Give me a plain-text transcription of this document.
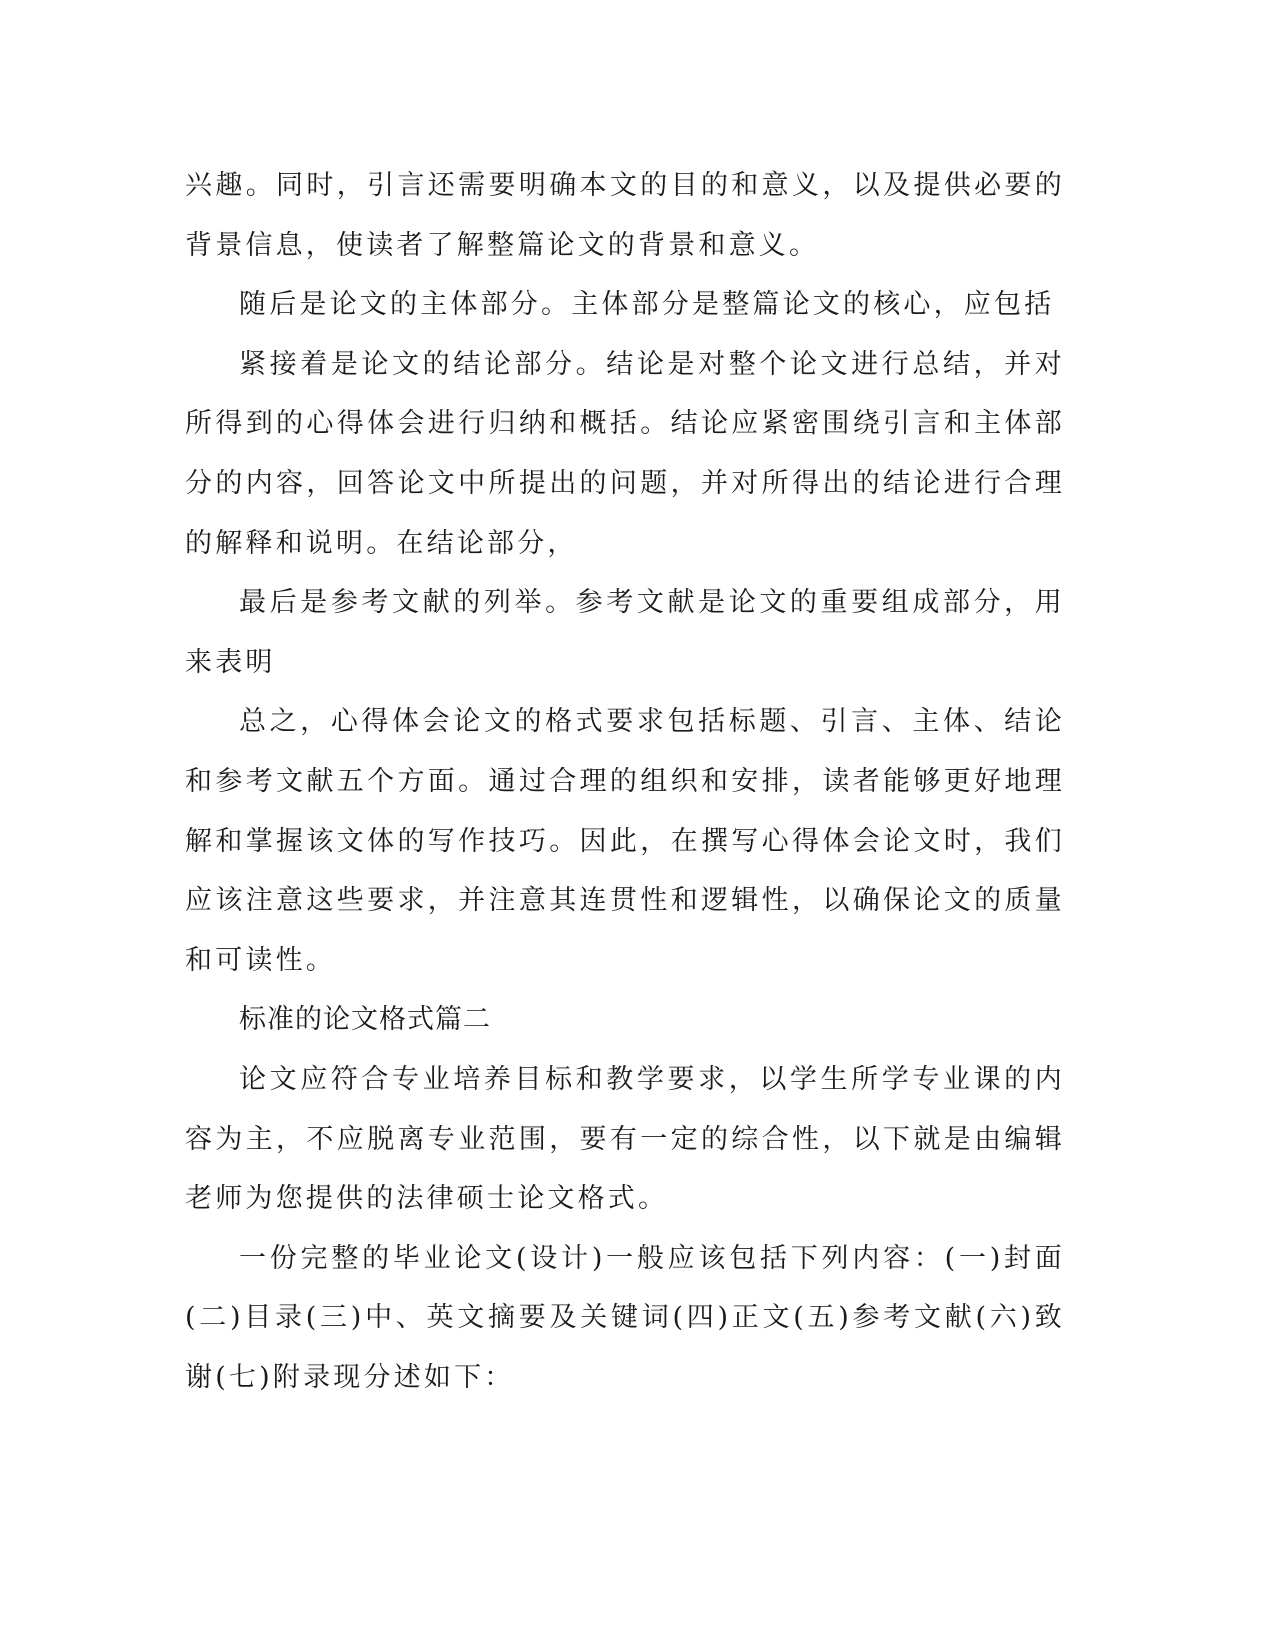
兴趣。同时，引言还需要明确本文的目的和意义，以及提供必要的背景信息，使读者了解整篇论文的背景和意义。

随后是论文的主体部分。主体部分是整篇论文的核心，应包括

紧接着是论文的结论部分。结论是对整个论文进行总结，并对所得到的心得体会进行归纳和概括。结论应紧密围绕引言和主体部分的内容，回答论文中所提出的问题，并对所得出的结论进行合理的解释和说明。在结论部分，

最后是参考文献的列举。参考文献是论文的重要组成部分，用来表明

总之，心得体会论文的格式要求包括标题、引言、主体、结论和参考文献五个方面。通过合理的组织和安排，读者能够更好地理解和掌握该文体的写作技巧。因此，在撰写心得体会论文时，我们应该注意这些要求，并注意其连贯性和逻辑性，以确保论文的质量和可读性。

标准的论文格式篇二

论文应符合专业培养目标和教学要求，以学生所学专业课的内容为主，不应脱离专业范围，要有一定的综合性，以下就是由编辑老师为您提供的法律硕士论文格式。

一份完整的毕业论文(设计)一般应该包括下列内容：(一)封面(二)目录(三)中、英文摘要及关键词(四)正文(五)参考文献(六)致谢(七)附录现分述如下：
